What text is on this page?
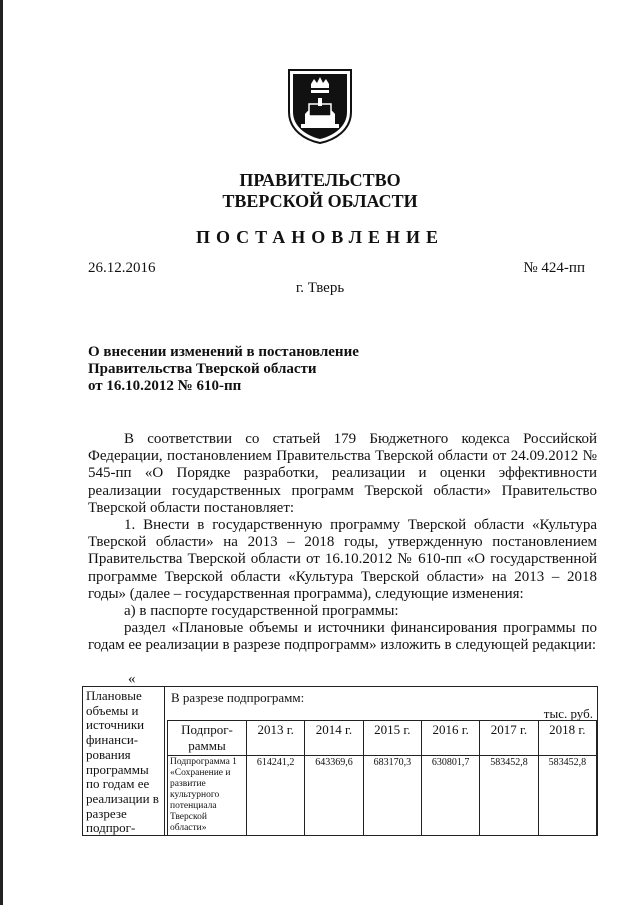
ПРАВИТЕЛЬСТВО
ТВЕРСКОЙ ОБЛАСТИ
ПОСТАНОВЛЕНИЕ
26.12.2016	№ 424-пп
г. Тверь
О внесении изменений в постановление
Правительства Тверской области
от 16.10.2012 № 610-пп

В соответствии со статьей 179 Бюджетного кодекса Российской Федерации, постановлением Правительства Тверской области от 24.09.2012 № 545-пп «О Порядке разработки, реализации и оценки эффективности реализации государственных программ Тверской области» Правительство Тверской области постановляет:

1. Внести в государственную программу Тверской области «Культура Тверской области» на 2013 – 2018 годы, утвержденную постановлением Правительства Тверской области от 16.10.2012 № 610-пп «О государственной программе Тверской области «Культура Тверской области» на 2013 – 2018 годы» (далее – государственная программа), следующие изменения:

а) в паспорте государственной программы:

раздел «Плановые объемы и источники финансирования программы по годам ее реализации в разрезе подпрограмм» изложить в следующей редакции:

«
Плановые объемы и источники финанси-рования программы по годам ее реализации в разрезе подпрог-
В разрезе подпрограмм:
тыс. руб.
Подпрог-раммы	2013 г.	2014 г.	2015 г.	2016 г.	2017 г.	2018 г.
Подпрограмма 1 «Сохранение и развитие культурного потенциала Тверской области»	614241,2	643369,6	683170,3	630801,7	583452,8	583452,8
